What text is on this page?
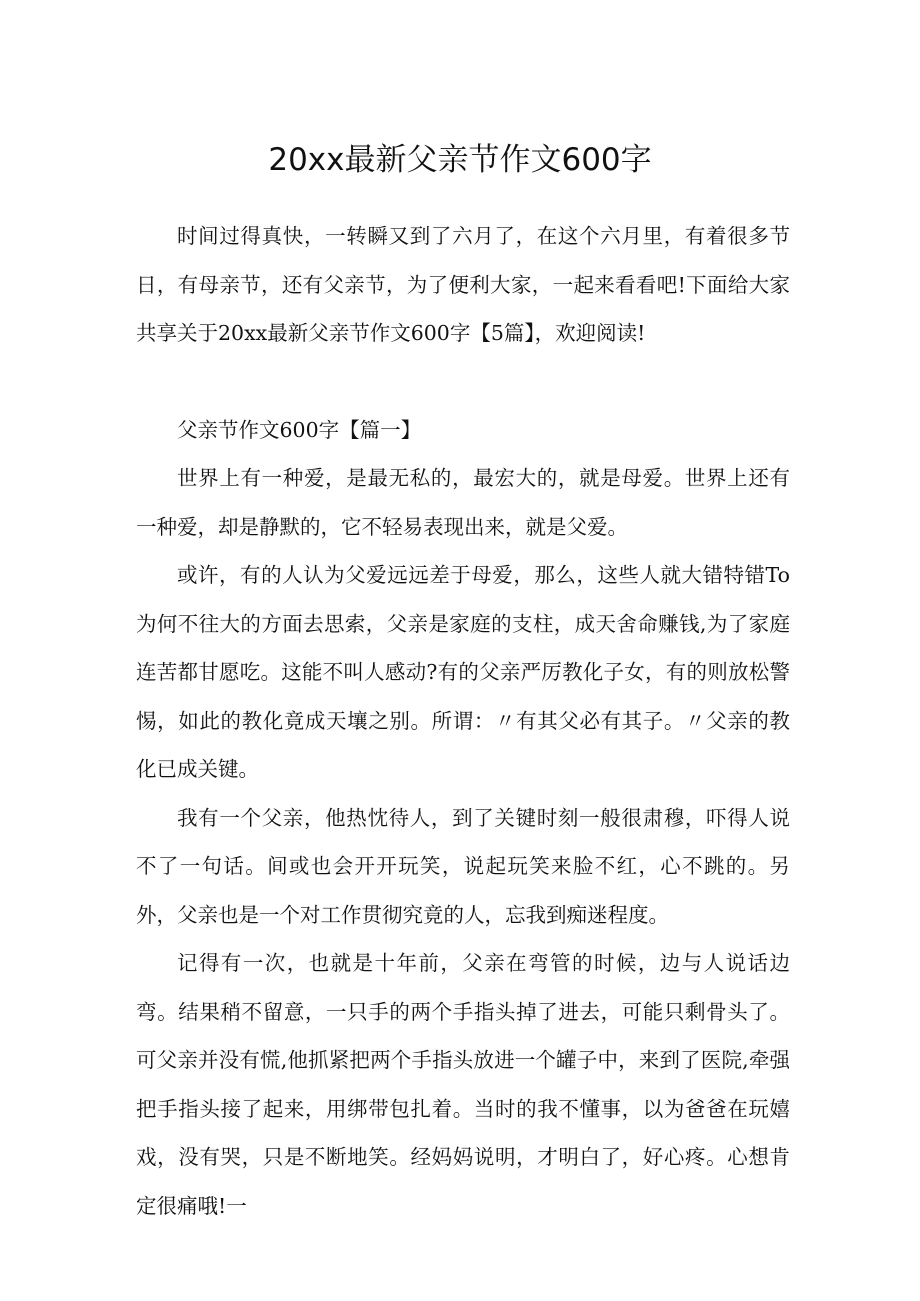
20xx最新父亲节作文600字

时间过得真快，一转瞬又到了六月了，在这个六月里，有着很多节日，有母亲节，还有父亲节，为了便利大家，一起来看看吧!下面给大家共享关于20xx最新父亲节作文600字【5篇】，欢迎阅读!

父亲节作文600字【篇一】

世界上有一种爱，是最无私的，最宏大的，就是母爱。世界上还有一种爱，却是静默的，它不轻易表现出来，就是父爱。

或许，有的人认为父爱远远差于母爱，那么，这些人就大错特错To为何不往大的方面去思索，父亲是家庭的支柱，成天舍命赚钱,为了家庭连苦都甘愿吃。这能不叫人感动?有的父亲严厉教化子女，有的则放松警惕，如此的教化竟成天壤之别。所谓：〃有其父必有其子。〃父亲的教化已成关键。

我有一个父亲，他热忱待人，到了关键时刻一般很肃穆，吓得人说不了一句话。间或也会开开玩笑，说起玩笑来脸不红，心不跳的。另外，父亲也是一个对工作贯彻究竟的人，忘我到痴迷程度。

记得有一次，也就是十年前，父亲在弯管的时候，边与人说话边弯。结果稍不留意，一只手的两个手指头掉了进去，可能只剩骨头了。可父亲并没有慌,他抓紧把两个手指头放进一个罐子中，来到了医院,牵强把手指头接了起来，用绑带包扎着。当时的我不懂事，以为爸爸在玩嬉戏，没有哭，只是不断地笑。经妈妈说明，才明白了，好心疼。心想肯定很痛哦!一
